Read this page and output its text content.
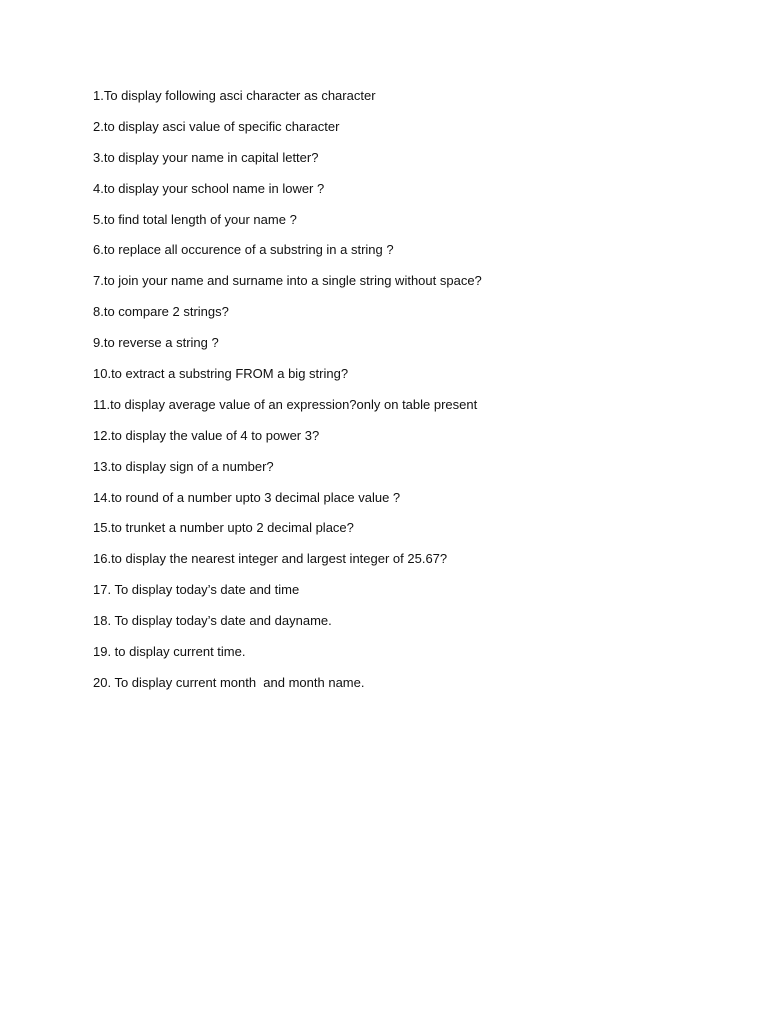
1.To display following asci character as character
2.to display asci value of specific character
3.to display your name in capital letter?
4.to display your school name in lower ?
5.to find total length of your name ?
6.to replace all occurence of a substring in a string ?
7.to join your name and surname into a single string without space?
8.to compare 2 strings?
9.to reverse a string ?
10.to extract a substring FROM a big string?
11.to display average value of an expression?only on table present
12.to display the value of 4 to power 3?
13.to display sign of a number?
14.to round of a number upto 3 decimal place value ?
15.to trunket a number upto 2 decimal place?
16.to display the nearest integer and largest integer of 25.67?
17. To display today’s date and time
18. To display today’s date and dayname.
19. to display current time.
20. To display current month  and month name.
